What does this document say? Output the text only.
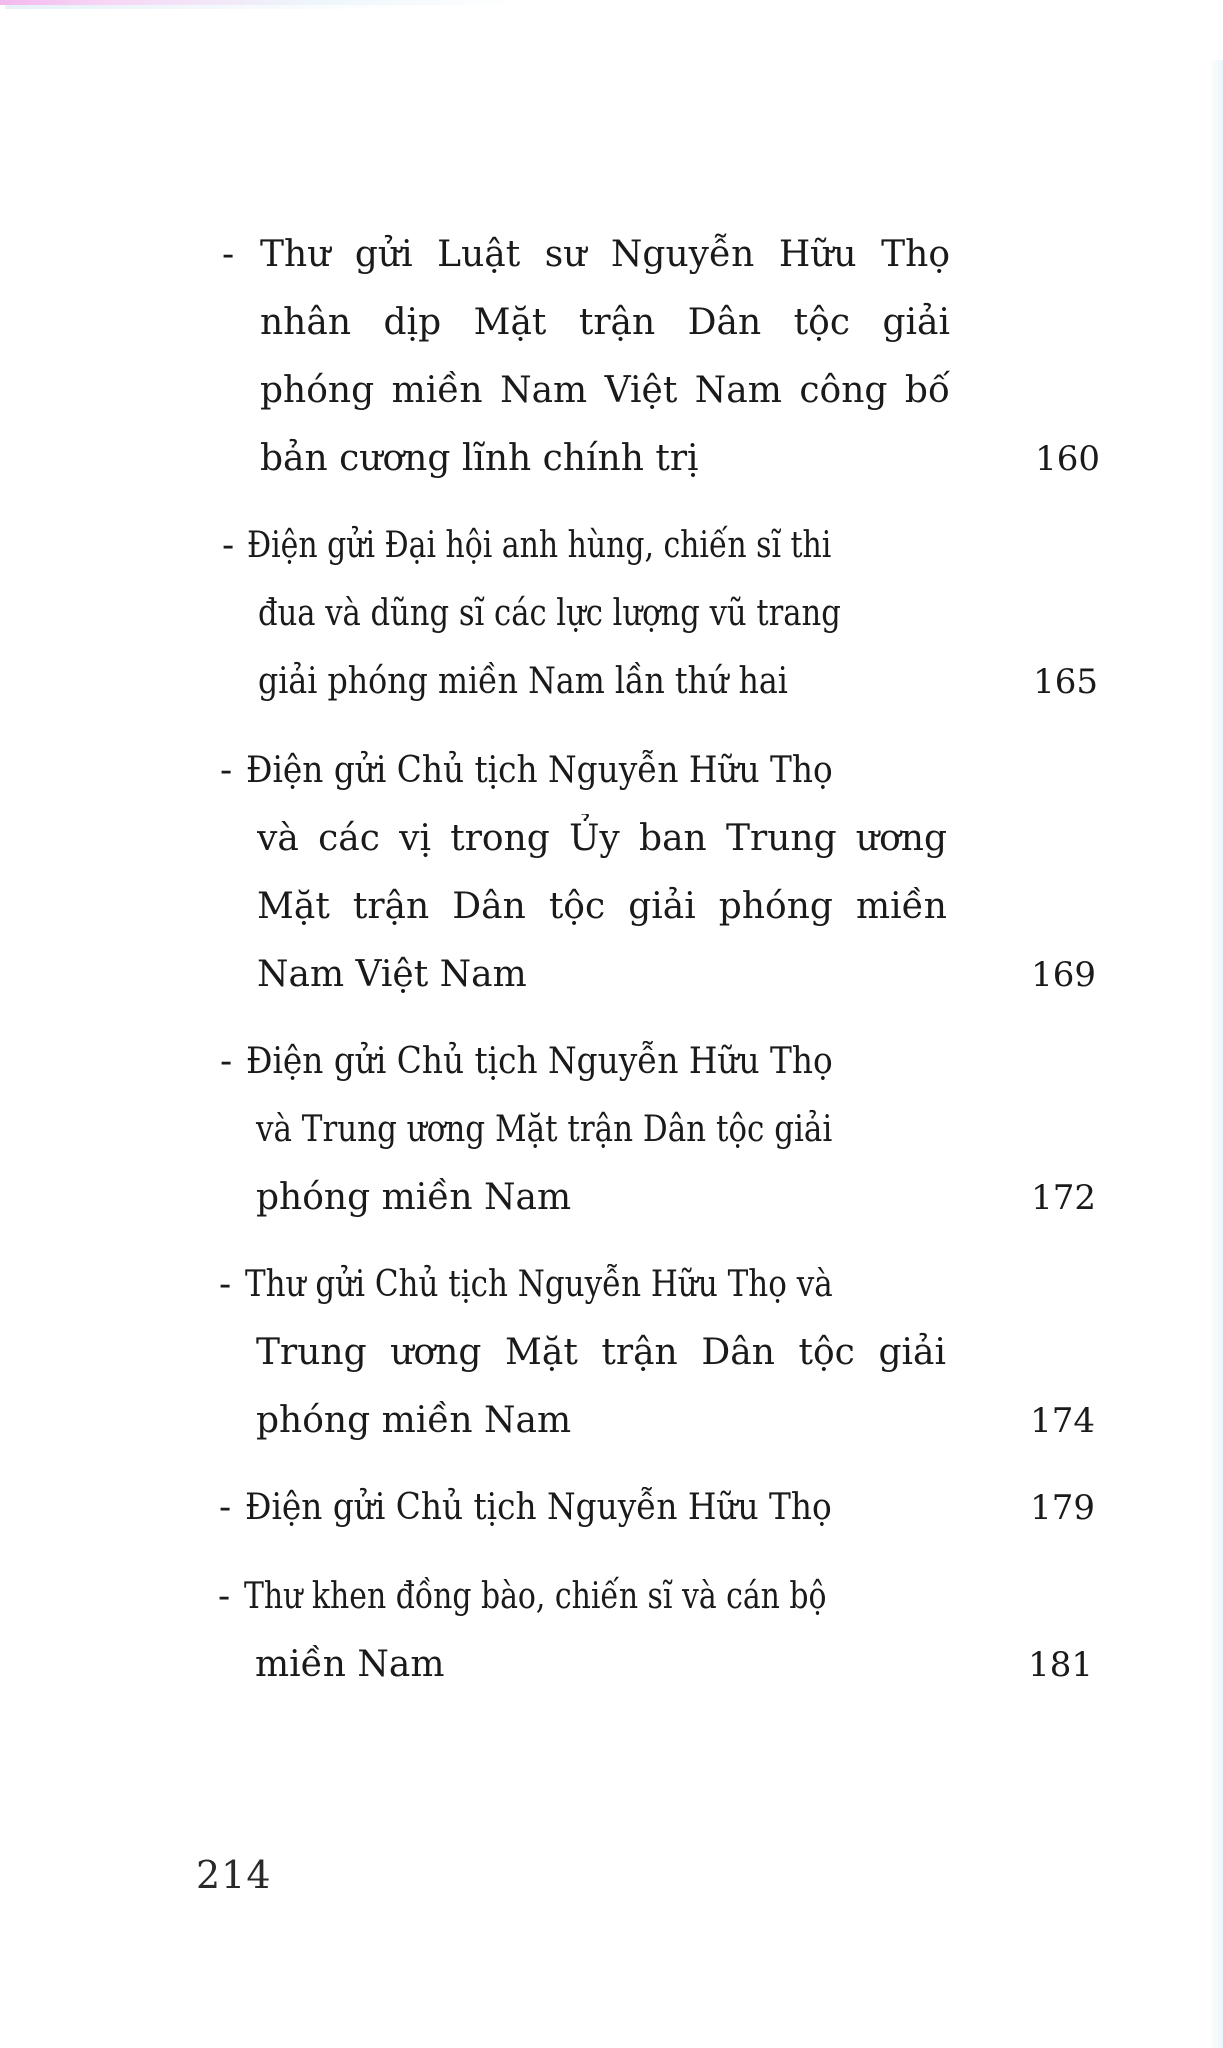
- Thư gửi Luật sư Nguyễn Hữu Thọ
nhân dịp Mặt trận Dân tộc giải
phóng miền Nam Việt Nam công bố
bản cương lĩnh chính trị	160
- Điện gửi Đại hội anh hùng, chiến sĩ thi
đua và dũng sĩ các lực lượng vũ trang
giải phóng miền Nam lần thứ hai	165
- Điện gửi Chủ tịch Nguyễn Hữu Thọ
và các vị trong Ủy ban Trung ương
Mặt trận Dân tộc giải phóng miền
Nam Việt Nam	169
- Điện gửi Chủ tịch Nguyễn Hữu Thọ
và Trung ương Mặt trận Dân tộc giải
phóng miền Nam	172
- Thư gửi Chủ tịch Nguyễn Hữu Thọ và
Trung ương Mặt trận Dân tộc giải
phóng miền Nam	174
- Điện gửi Chủ tịch Nguyễn Hữu Thọ	179
- Thư khen đồng bào, chiến sĩ và cán bộ
miền Nam	181
214
